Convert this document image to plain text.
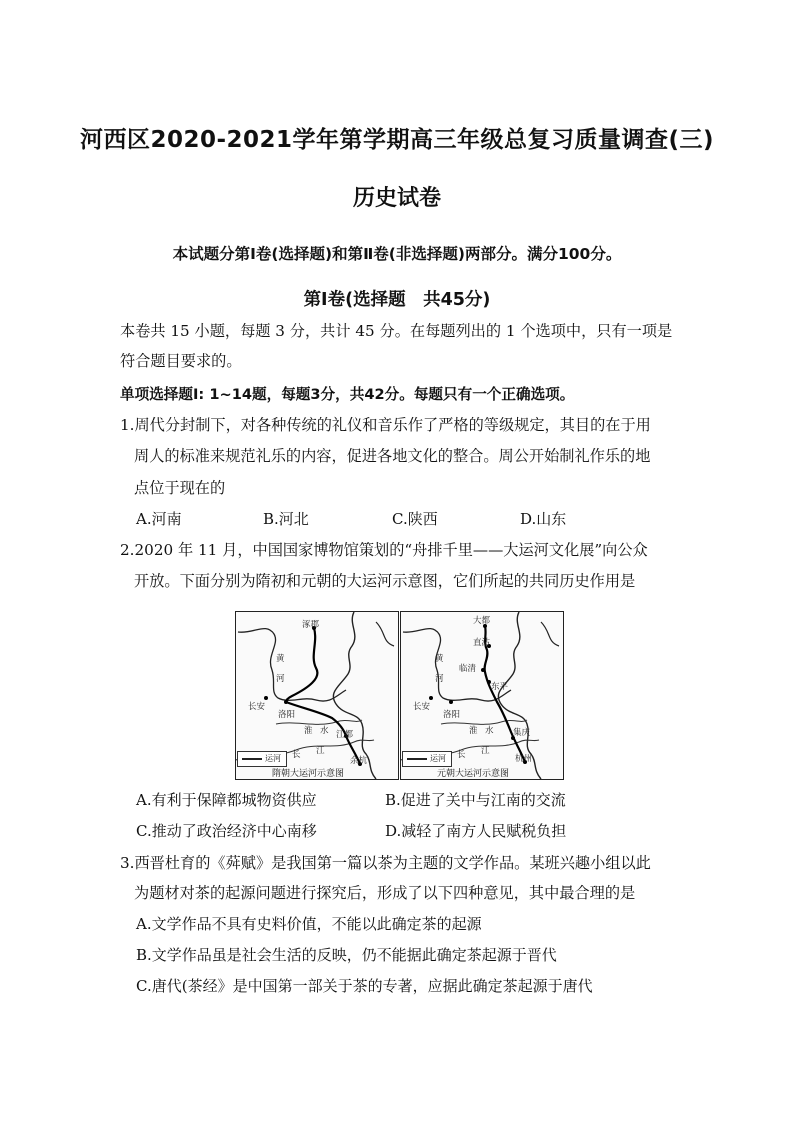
河西区2020-2021学年第学期高三年级总复习质量调查(三)
历史试卷
本试题分第Ⅰ卷(选择题)和第Ⅱ卷(非选择题)两部分。满分100分。
第Ⅰ卷(选择题　共45分)
本卷共 15 小题，每题 3 分，共计 45 分。在每题列出的 1 个选项中，只有一项是
符合题目要求的。
单项选择题Ⅰ: 1~14题，每题3分，共42分。每题只有一个正确选项。
1.周代分封制下，对各种传统的礼仪和音乐作了严格的等级规定，其目的在于用
周人的标准来规范礼乐的内容，促进各地文化的整合。周公开始制礼作乐的地
点位于现在的
A.河南	B.河北	C.陕西	D.山东
2.2020 年 11 月，中国国家博物馆策划的“舟排千里——大运河文化展”向公众
开放。下面分别为隋初和元朝的大运河示意图，它们所起的共同历史作用是
涿郡
黄
河
长安
洛阳
淮 水 江都
长 江
余杭
运河
隋朝大运河示意图
大都
直沽
黄
河
临清
东平
长安
洛阳
淮 水 集庆
长 江
杭州
运河
元朝大运河示意图
A.有利于保障都城物资供应	B.促进了关中与江南的交流
C.推动了政治经济中心南移	D.减轻了南方人民赋税负担
3.西晋杜育的《荈赋》是我国第一篇以茶为主题的文学作品。某班兴趣小组以此
为题材对茶的起源问题进行探究后，形成了以下四种意见，其中最合理的是
A.文学作品不具有史料价值，不能以此确定茶的起源
B.文学作品虽是社会生活的反映，仍不能据此确定茶起源于晋代
C.唐代(茶经》是中国第一部关于茶的专著，应据此确定茶起源于唐代
